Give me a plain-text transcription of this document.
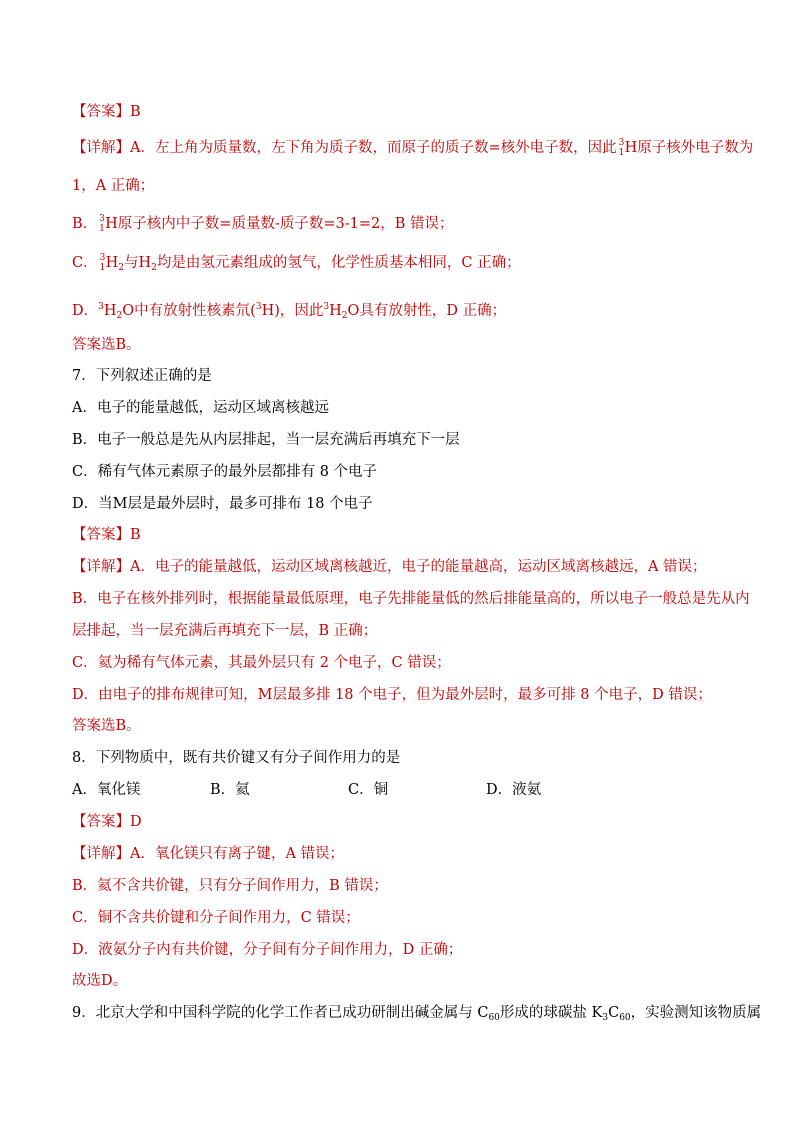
【答案】B
【详解】A．左上角为质量数，左下角为质子数，而原子的质子数=核外电子数，因此 3
1 H原子核外电子数为
1，A 正确；
B． 3
1 H原子核内中子数=质量数-质子数=3-1=2，B 错误；
C． 3
1 $H_2$与$H_2$均是由氢元素组成的氢气，化学性质基本相同，C 正确；
D．$^3H_2O$中有放射性核素氘($^3$H)，因此$^3H_2O$具有放射性，D 正确；
答案选B。
7．下列叙述正确的是
A．电子的能量越低，运动区域离核越远
B．电子一般总是先从内层排起，当一层充满后再填充下一层
C．稀有气体元素原子的最外层都排有 8 个电子
D．当M层是最外层时，最多可排布 18 个电子
【答案】B
【详解】A．电子的能量越低，运动区域离核越近，电子的能量越高，运动区域离核越远，A 错误；
B．电子在核外排列时，根据能量最低原理，电子先排能量低的然后排能量高的，所以电子一般总是先从内
层排起，当一层充满后再填充下一层，B 正确；
C．氦为稀有气体元素，其最外层只有 2 个电子，C 错误；
D．由电子的排布规律可知，M层最多排 18 个电子，但为最外层时，最多可排 8 个电子，D 错误；
答案选B。
8．下列物质中，既有共价键又有分子间作用力的是
A．氧化镁	B．氦	C．铜	D．液氨
【答案】D
【详解】A．氧化镁只有离子键，A 错误；
B．氦不含共价键，只有分子间作用力，B 错误；
C．铜不含共价键和分子间作用力，C 错误；
D．液氨分子内有共价键，分子间有分子间作用力，D 正确；
故选D。
9．北京大学和中国科学院的化学工作者已成功研制出碱金属与 $C_{60}$形成的球碳盐 $K_3C_{60}$，实验测知该物质属
